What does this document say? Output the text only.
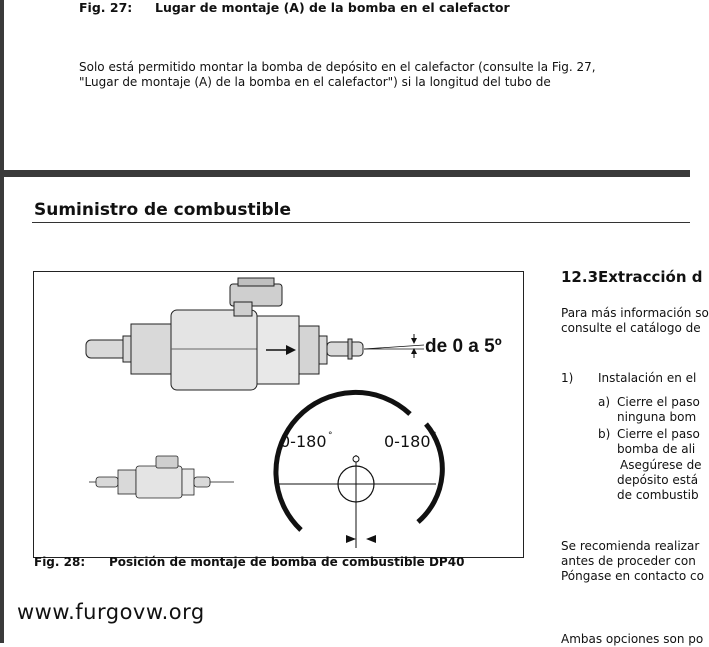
Fig. 27: Lugar de montaje (A) de la bomba en el calefactor
Solo está permitido montar la bomba de depósito en el calefactor (consulte la Fig. 27,
"Lugar de montaje (A) de la bomba en el calefactor") si la longitud del tubo de
Suministro de combustible
de 0 a 5º
0-180 °	0-180 °
Fig. 28: Posición de montaje de bomba de combustible DP40
www.furgovw.org
12.3Extracción d
Para más información so
consulte el catálogo de
1) Instalación en el
a) Cierre el paso
ninguna bom
b) Cierre el paso
bomba de ali
Asegúrese de
depósito está
de combustib
Se recomienda realizar
antes de proceder con
Póngase en contacto co
Ambas opciones son po
